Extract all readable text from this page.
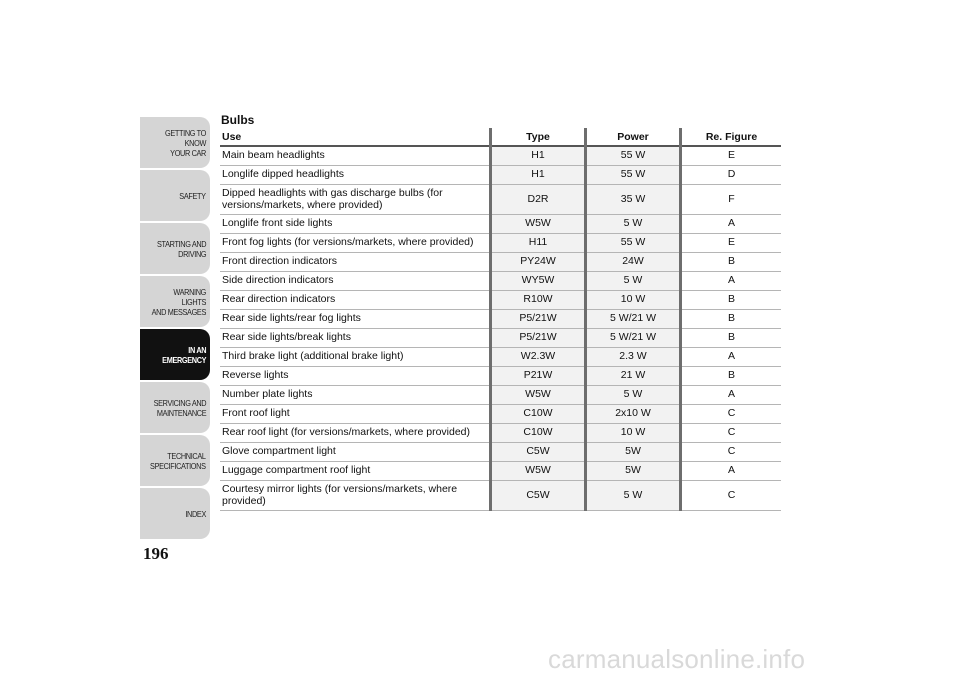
GETTING TO KNOW
YOUR CAR
SAFETY
STARTING AND
DRIVING
WARNING LIGHTS
AND MESSAGES
IN AN
EMERGENCY
SERVICING AND
MAINTENANCE
TECHNICAL
SPECIFICATIONS
INDEX
196
Bulbs
Use	Type	Power	Re. Figure
Main beam headlights	H1	55 W	E
Longlife dipped headlights	H1	55 W	D
Dipped headlights with gas discharge bulbs (for versions/markets, where provided)	D2R	35 W	F
Longlife front side lights	W5W	5 W	A
Front fog lights (for versions/markets, where provided)	H11	55 W	E
Front direction indicators	PY24W	24W	B
Side direction indicators	WY5W	5 W	A
Rear direction indicators	R10W	10 W	B
Rear side lights/rear fog lights	P5/21W	5 W/21 W	B
Rear side lights/break lights	P5/21W	5 W/21 W	B
Third brake light (additional brake light)	W2.3W	2.3 W	A
Reverse lights	P21W	21 W	B
Number plate lights	W5W	5 W	A
Front roof light	C10W	2x10 W	C
Rear roof light (for versions/markets, where provided)	C10W	10 W	C
Glove compartment light	C5W	5W	C
Luggage compartment roof light	W5W	5W	A
Courtesy mirror lights (for versions/markets, where provided)	C5W	5 W	C
carmanualsonline.info
